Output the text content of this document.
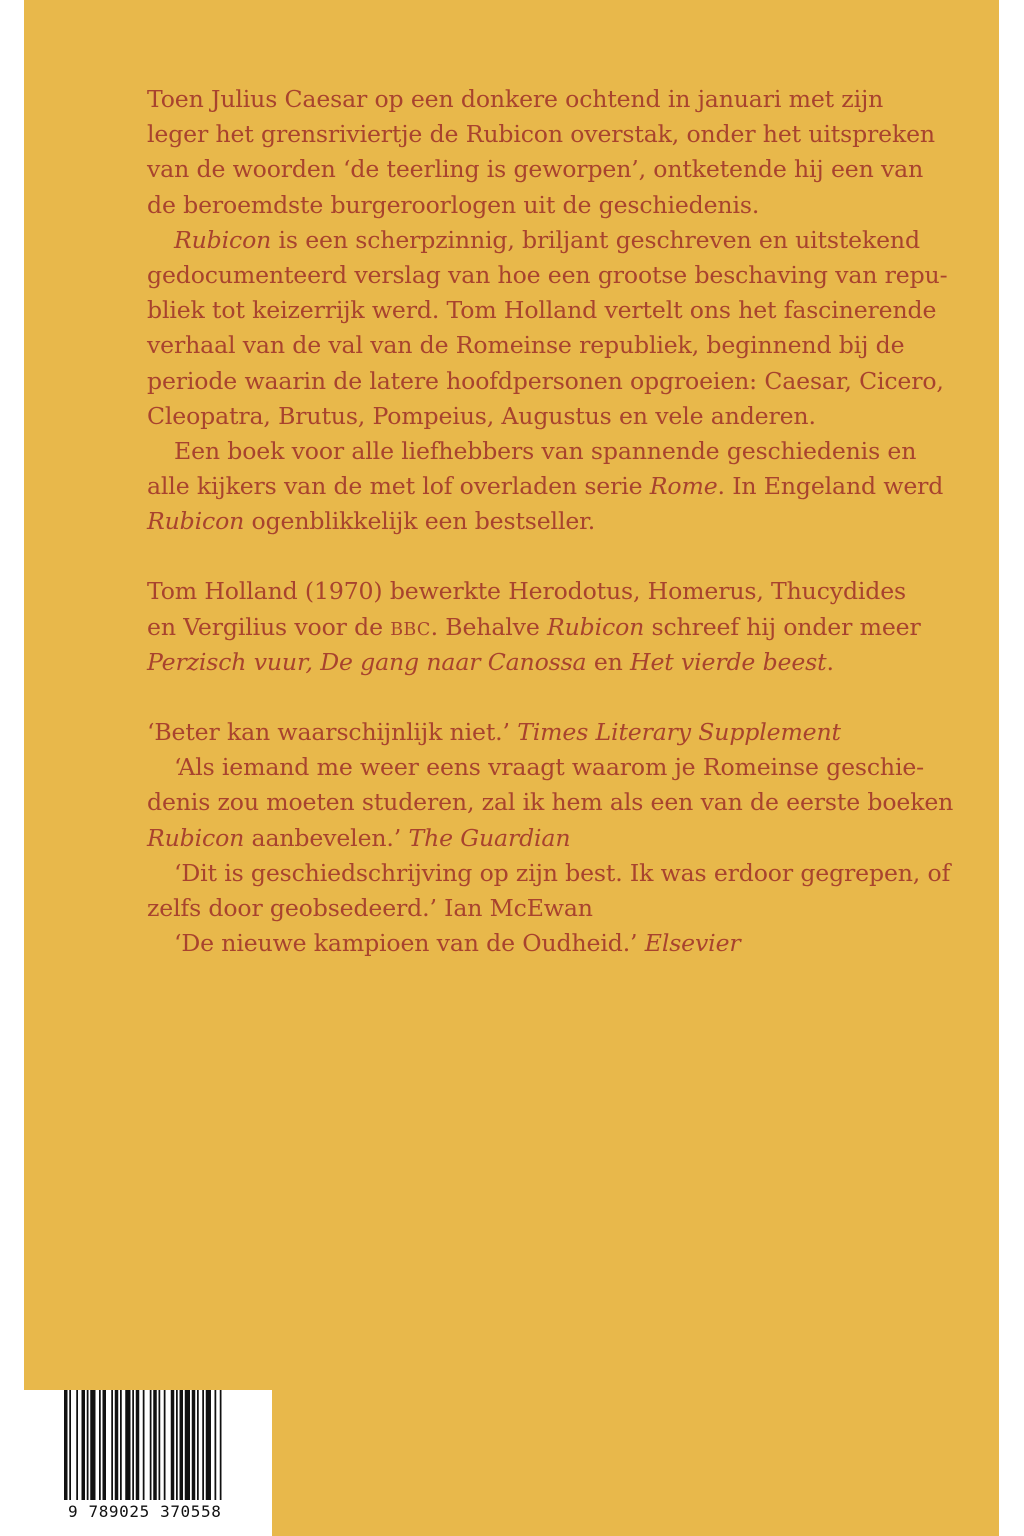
Toen Julius Caesar op een donkere ochtend in januari met zijn
leger het grensriviertje de Rubicon overstak, onder het uitspreken
van de woorden ‘de teerling is geworpen’, ontketende hij een van
de beroemdste burgeroorlogen uit de geschiedenis.
Rubicon is een scherpzinnig, briljant geschreven en uitstekend
gedocumenteerd verslag van hoe een grootse beschaving van repu-
bliek tot keizerrijk werd. Tom Holland vertelt ons het fascinerende
verhaal van de val van de Romeinse republiek, beginnend bij de
periode waarin de latere hoofdpersonen opgroeien: Caesar, Cicero,
Cleopatra, Brutus, Pompeius, Augustus en vele anderen.
Een boek voor alle liefhebbers van spannende geschiedenis en
alle kijkers van de met lof overladen serie Rome. In Engeland werd
Rubicon ogenblikkelijk een bestseller.
Tom Holland (1970) bewerkte Herodotus, Homerus, Thucydides
en Vergilius voor de BBC. Behalve Rubicon schreef hij onder meer
Perzisch vuur, De gang naar Canossa en Het vierde beest.
‘Beter kan waarschijnlijk niet.’ Times Literary Supplement
‘Als iemand me weer eens vraagt waarom je Romeinse geschie-
denis zou moeten studeren, zal ik hem als een van de eerste boeken
Rubicon aanbevelen.’ The Guardian
‘Dit is geschiedschrijving op zijn best. Ik was erdoor gegrepen, of
zelfs door geobsedeerd.’ Ian McEwan
‘De nieuwe kampioen van de Oudheid.’ Elsevier
9 789025 370558
